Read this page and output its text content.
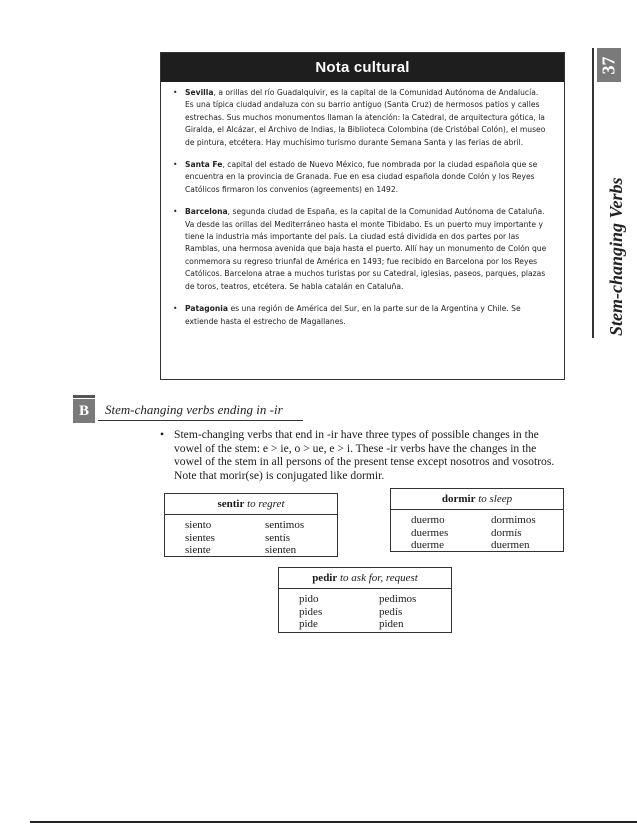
Nota cultural
• Sevilla, a orillas del río Guadalquivir, es la capital de la Comunidad Autónoma de Andalucía. Es una típica ciudad andaluza con su barrio antiguo (Santa Cruz) de hermosos patios y calles estrechas. Sus muchos monumentos llaman la atención: la Catedral, de arquitectura gótica, la Giralda, el Alcázar, el Archivo de Indias, la Biblioteca Colombina (de Cristóbal Colón), el museo de pintura, etcétera. Hay muchísimo turismo durante Semana Santa y las ferias de abril.
• Santa Fe, capital del estado de Nuevo México, fue nombrada por la ciudad española que se encuentra en la provincia de Granada. Fue en esa ciudad española donde Colón y los Reyes Católicos firmaron los convenios (agreements) en 1492.
• Barcelona, segunda ciudad de España, es la capital de la Comunidad Autónoma de Cataluña. Va desde las orillas del Mediterráneo hasta el monte Tibidabo. Es un puerto muy importante y tiene la industria más importante del país. La ciudad está dividida en dos partes por las Ramblas, una hermosa avenida que baja hasta el puerto. Allí hay un monumento de Colón que conmemora su regreso triunfal de América en 1493; fue recibido en Barcelona por los Reyes Católicos. Barcelona atrae a muchos turistas por su Catedral, iglesias, paseos, parques, plazas de toros, teatros, etcétera. Se habla catalán en Cataluña.
• Patagonia es una región de América del Sur, en la parte sur de la Argentina y Chile. Se extiende hasta el estrecho de Magallanes.
37
Stem-changing Verbs
B	Stem-changing verbs ending in -ir
• Stem-changing verbs that end in -ir have three types of possible changes in the vowel of the stem: e > ie, o > ue, e > i. These -ir verbs have the changes in the vowel of the stem in all persons of the present tense except nosotros and vosotros. Note that morir(se) is conjugated like dormir.
sentir to regret
siento
sientes
siente
sentimos
sentís
sienten
dormir to sleep
duermo
duermes
duerme
dormimos
dormís
duermen
pedir to ask for, request
pido
pides
pide
pedimos
pedís
piden
